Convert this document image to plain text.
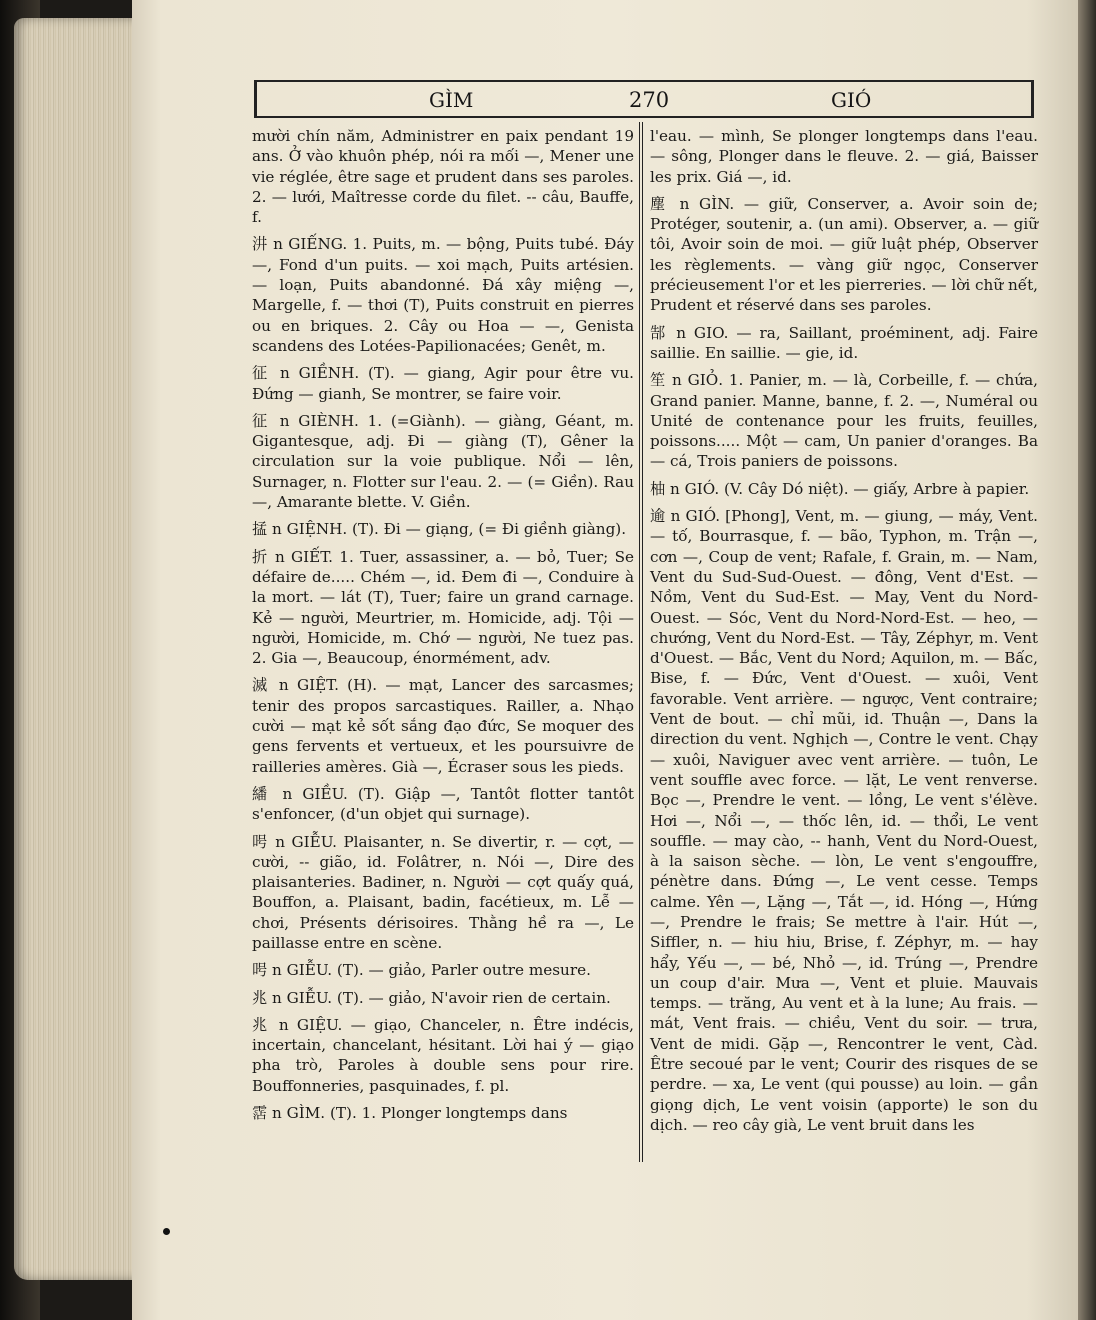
GÌM	270	GIÓ

mười chín năm, Administrer en paix pendant 19 ans. Ở vào khuôn phép, nói ra mối —, Mener une vie réglée, être sage et prudent dans ses paroles. 2. — lưới, Maîtresse corde du filet. -- câu, Bauffe, f.

汫 n GIẾNG. 1. Puits, m. — bộng, Puits tubé. Đáy —, Fond d'un puits. — xoi mạch, Puits artésien. — loạn, Puits abandonné. Đá xây miệng —, Margelle, f. — thơi (T), Puits construit en pierres ou en briques. 2. Cây ou Hoa — —, Genista scandens des Lotées-Papilionacées; Genêt, m.

征 n GIỀNH. (T). — giang, Agir pour être vu. Đứng — gianh, Se montrer, se faire voir.

征 n GIÈNH. 1. (=Giành). — giàng, Géant, m. Gigantesque, adj. Đi — giàng (T), Gêner la circulation sur la voie publique. Nổi — lên, Surnager, n. Flotter sur l'eau. 2. — (= Giền). Rau —, Amarante blette. V. Giền.

掹 n GIỆNH. (T). Đi — giạng, (= Đi giềnh giàng).

折 n GIẾT. 1. Tuer, assassiner, a. — bỏ, Tuer; Se défaire de..... Chém —, id. Đem đi —, Conduire à la mort. — lát (T), Tuer; faire un grand carnage. Kẻ — người, Meurtrier, m. Homicide, adj. Tội — người, Homicide, m. Chớ — người, Ne tuez pas. 2. Gia —, Beaucoup, énormément, adv.

滅 n GIỆT. (H). — mạt, Lancer des sarcasmes; tenir des propos sarcastiques. Railler, a. Nhạo cười — mạt kẻ sốt sắng đạo đức, Se moquer des gens fervents et vertueux, et les poursuivre de railleries amères. Già —, Écraser sous les pieds.

繙 n GIỀU. (T). Giập —, Tantôt flotter tantôt s'enfoncer, (d'un objet qui surnage).

呺 n GIỄU. Plaisanter, n. Se divertir, r. — cợt, — cười, -- gião, id. Folâtrer, n. Nói —, Dire des plaisanteries. Badiner, n. Người — cợt quấy quá, Bouffon, a. Plaisant, badin, facétieux, m. Lễ — chơi, Présents dérisoires. Thằng hề ra —, Le paillasse entre en scène.

呺 n GIỄU. (T). — giảo, Parler outre mesure.

兆 n GIỄU. (T). — giảo, N'avoir rien de certain.

兆 n GIỆU. — giạo, Chanceler, n. Être indécis, incertain, chancelant, hésitant. Lời hai ý — giạo pha trò, Paroles à double sens pour rire. Bouffonneries, pasquinades, f. pl.

霑 n GÌM. (T). 1. Plonger longtemps dans

l'eau. — mình, Se plonger longtemps dans l'eau. — sông, Plonger dans le fleuve. 2. — giá, Baisser les prix. Giá —, id.

塵 n GÌN. — giữ, Conserver, a. Avoir soin de; Protéger, soutenir, a. (un ami). Observer, a. — giữ tôi, Avoir soin de moi. — giữ luật phép, Observer les règlements. — vàng giữ ngọc, Conserver précieusement l'or et les pierreries. — lời chữ nết, Prudent et réservé dans ses paroles.

郜 n GIO. — ra, Saillant, proéminent, adj. Faire saillie. En saillie. — gie, id.

笙 n GIỎ. 1. Panier, m. — là, Corbeille, f. — chứa, Grand panier. Manne, banne, f. 2. —, Numéral ou Unité de contenance pour les fruits, feuilles, poissons..... Một — cam, Un panier d'oranges. Ba — cá, Trois paniers de poissons.

柚 n GIÓ. (V. Cây Dó niệt). — giấy, Arbre à papier.

逾 n GIÓ. [Phong], Vent, m. — giung, — máy, Vent. — tố, Bourrasque, f. — bão, Typhon, m. Trận —, cơn —, Coup de vent; Rafale, f. Grain, m. — Nam, Vent du Sud-Sud-Ouest. — đông, Vent d'Est. — Nồm, Vent du Sud-Est. — May, Vent du Nord-Ouest. — Sóc, Vent du Nord-Nord-Est. — heo, — chướng, Vent du Nord-Est. — Tây, Zéphyr, m. Vent d'Ouest. — Bắc, Vent du Nord; Aquilon, m. — Bấc, Bise, f. — Đức, Vent d'Ouest. — xuôi, Vent favorable. Vent arrière. — ngược, Vent contraire; Vent de bout. — chỉ mũi, id. Thuận —, Dans la direction du vent. Nghịch —, Contre le vent. Chạy — xuôi, Naviguer avec vent arrière. — tuôn, Le vent souffle avec force. — lặt, Le vent renverse. Bọc —, Prendre le vent. — lồng, Le vent s'élève. Hơi —, Nổi —, — thốc lên, id. — thổi, Le vent souffle. — may cào, -- hanh, Vent du Nord-Ouest, à la saison sèche. — lòn, Le vent s'engouffre, pénètre dans. Đứng —, Le vent cesse. Temps calme. Yên —, Lặng —, Tắt —, id. Hóng —, Hứng —, Prendre le frais; Se mettre à l'air. Hút —, Siffler, n. — hiu hiu, Brise, f. Zéphyr, m. — hay hẩy, Yếu —, — bé, Nhỏ —, id. Trúng —, Prendre un coup d'air. Mưa —, Vent et pluie. Mauvais temps. — trăng, Au vent et à la lune; Au frais. — mát, Vent frais. — chiều, Vent du soir. — trưa, Vent de midi. Gặp —, Rencontrer le vent, Càd. Être secoué par le vent; Courir des risques de se perdre. — xa, Le vent (qui pousse) au loin. — gần giọng dịch, Le vent voisin (apporte) le son du dịch. — reo cây già, Le vent bruit dans les
